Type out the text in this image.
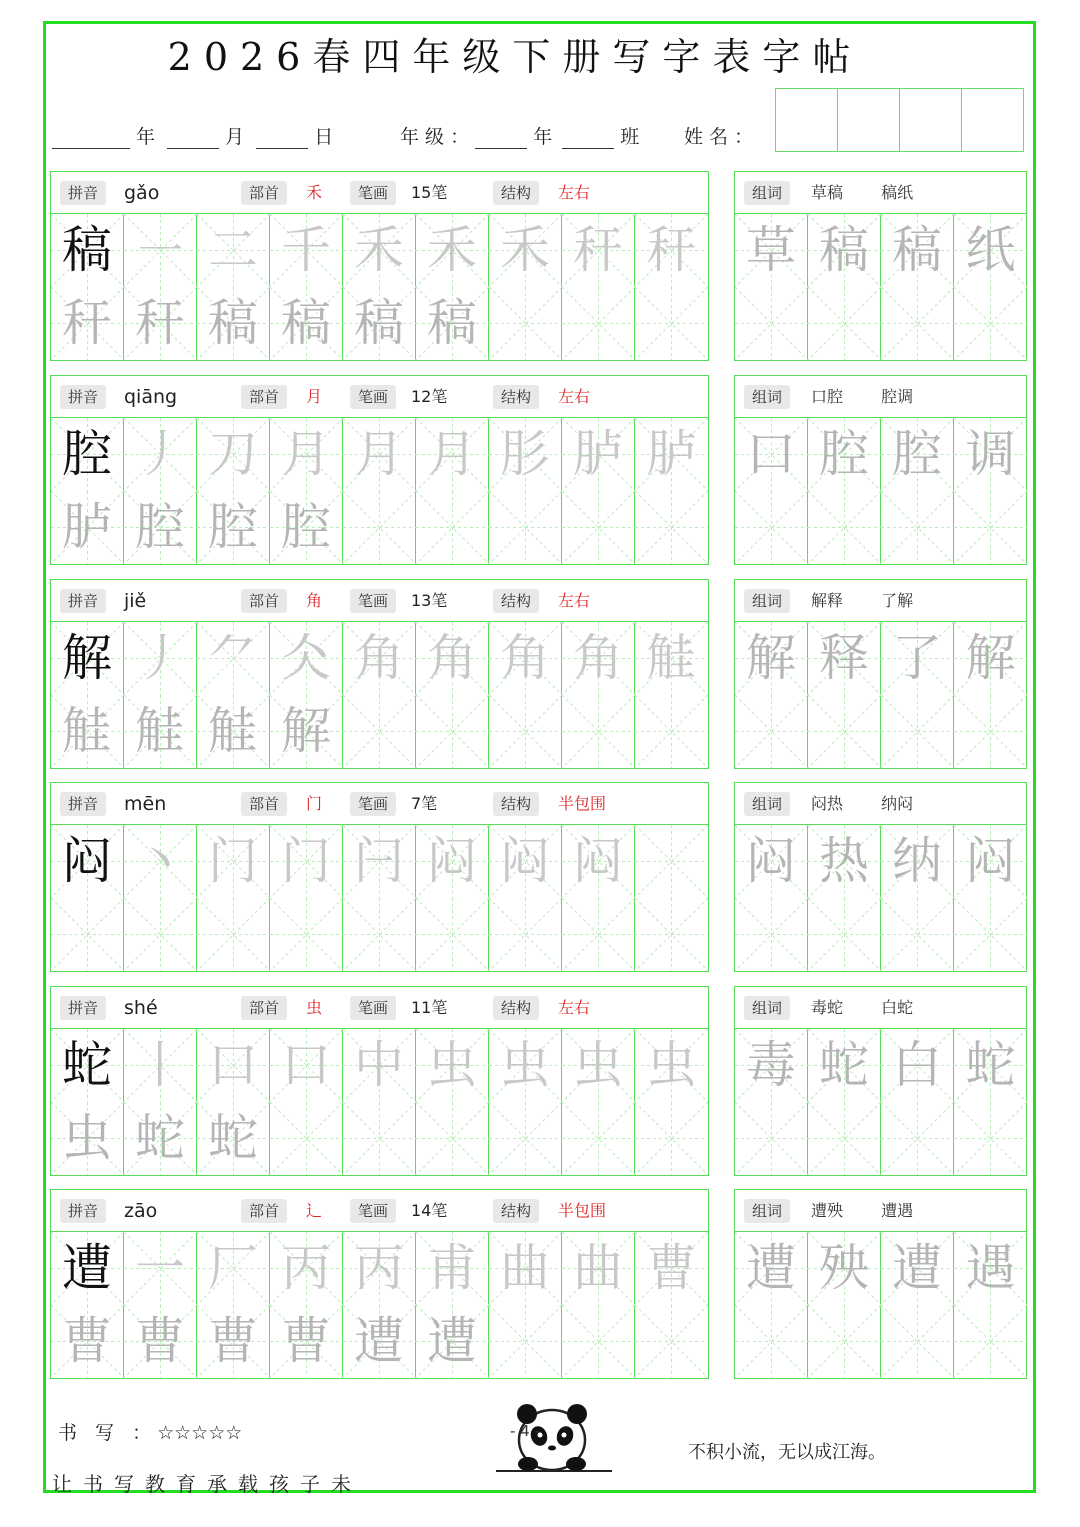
2026春四年级下册写字表字帖
年	月	日	年 级 ：	年	班 姓 名 ：
拼音	gǎo	部首	禾	笔画	15笔	结构	左右
稿 ㇐ 二 千 禾 禾 禾 秆 秆
秆 秆 稿 稿 稿 稿
组词	草稿  稿纸
草 稿 稿 纸
拼音	qiāng	部首	月	笔画	12笔	结构	左右
腔 丿 刀 月 月 月 肜 胪 胪
胪 腔 腔 腔
组词	口腔  腔调
口 腔 腔 调
拼音	jiě	部首	角	笔画	13笔	结构	左右
解 丿 ⺈ 仌 角 角 角 角 觟
觟 觟 觟 解
组词	解释  了解
解 释 了 解
拼音	mēn	部首	门	笔画	7笔	结构	半包围
闷 丶 门 门 闩 闷 闷 闷
组词	闷热  纳闷
闷 热 纳 闷
拼音	shé	部首	虫	笔画	11笔	结构	左右
蛇 丨 口 口 中 虫 虫 虫 虫
虫 蛇 蛇
组词	毒蛇  白蛇
毒 蛇 白 蛇
拼音	zāo	部首	辶	笔画	14笔	结构	半包围
遭 一 厂 丙 丙 甫 曲 曲 曹
曹 曹 曹 曹 遭 遭
组词	遭殃  遭遇
遭 殃 遭 遇
书 写 ：☆☆☆☆☆
让书写教育承载孩子未
不积小流，无以成江海。
- 4 -
